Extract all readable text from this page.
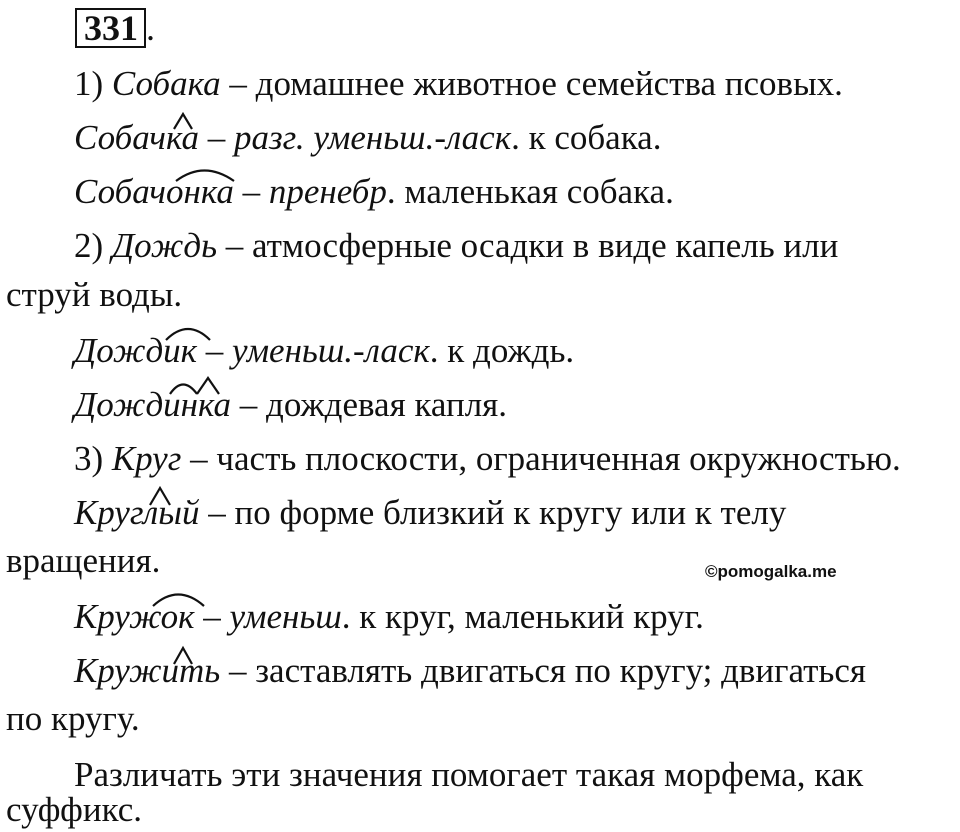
331 .
1) Собака – домашнее животное семейства псовых.
Собачка – разг. уменьш.-ласк. к собака.
Собачонка – пренебр. маленькая собака.
2) Дождь – атмосферные осадки в виде капель или
струй воды.
Дождик – уменьш.-ласк. к дождь.
Дождинка – дождевая капля.
3) Круг – часть плоскости, ограниченная окружностью.
Круглый – по форме близкий к кругу или к телу
вращения.	©pomogalka.me
Кружок – уменьш. к круг, маленький круг.
Кружить – заставлять двигаться по кругу; двигаться
по кругу.
Различать эти значения помогает такая морфема, как
суффикс.
